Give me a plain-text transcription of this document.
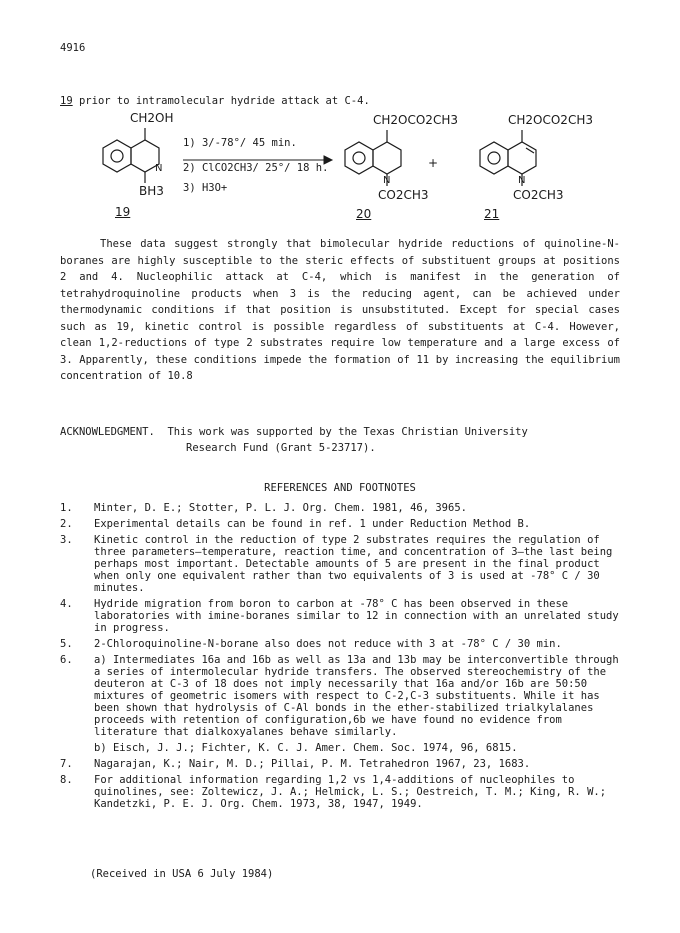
4916
19 prior to intramolecular hydride attack at C-4.
CH2OH
N
BH3
19
1) 3/-78°/ 45 min.
2) ClCO2CH3/ 25°/ 18 h.
3) H3O+
CH2OCO2CH3
N
CO2CH3
20
+
CH2OCO2CH3
N
CO2CH3
21

These data suggest strongly that bimolecular hydride reductions of quinoline-N-boranes are highly susceptible to the steric effects of substituent groups at positions 2 and 4. Nucleophilic attack at C-4, which is manifest in the generation of tetrahydroquinoline products when 3 is the reducing agent, can be achieved under thermodynamic conditions if that position is unsubstituted. Except for special cases such as 19, kinetic control is possible regardless of substituents at C-4. However, clean 1,2-reductions of type 2 substrates require low temperature and a large excess of 3. Apparently, these conditions impede the formation of 11 by increasing the equilibrium concentration of 10.8

ACKNOWLEDGMENT. This work was supported by the Texas Christian University
Research Fund (Grant 5-23717).
REFERENCES AND FOOTNOTES
1.	Minter, D. E.; Stotter, P. L. J. Org. Chem. 1981, 46, 3965.
2.	Experimental details can be found in ref. 1 under Reduction Method B.
3.	Kinetic control in the reduction of type 2 substrates requires the regulation of three parameters—temperature, reaction time, and concentration of 3—the last being perhaps most important. Detectable amounts of 5 are present in the final product when only one equivalent rather than two equivalents of 3 is used at -78° C / 30 minutes.
4.	Hydride migration from boron to carbon at -78° C has been observed in these laboratories with imine-boranes similar to 12 in connection with an unrelated study in progress.
5.	2-Chloroquinoline-N-borane also does not reduce with 3 at -78° C / 30 min.
6.	a) Intermediates 16a and 16b as well as 13a and 13b may be interconvertible through a series of intermolecular hydride transfers. The observed stereochemistry of the deuteron at C-3 of 18 does not imply necessarily that 16a and/or 16b are 50:50 mixtures of geometric isomers with respect to C-2,C-3 substituents. While it has been shown that hydrolysis of C-Al bonds in the ether-stabilized trialkylalanes proceeds with retention of configuration,6b we have found no evidence from literature that dialkoxyalanes behave similarly.
b) Eisch, J. J.; Fichter, K. C. J. Amer. Chem. Soc. 1974, 96, 6815.
7.	Nagarajan, K.; Nair, M. D.; Pillai, P. M. Tetrahedron 1967, 23, 1683.
8.	For additional information regarding 1,2 vs 1,4-additions of nucleophiles to quinolines, see: Zoltewicz, J. A.; Helmick, L. S.; Oestreich, T. M.; King, R. W.; Kandetzki, P. E. J. Org. Chem. 1973, 38, 1947, 1949.
(Received in USA 6 July 1984)
